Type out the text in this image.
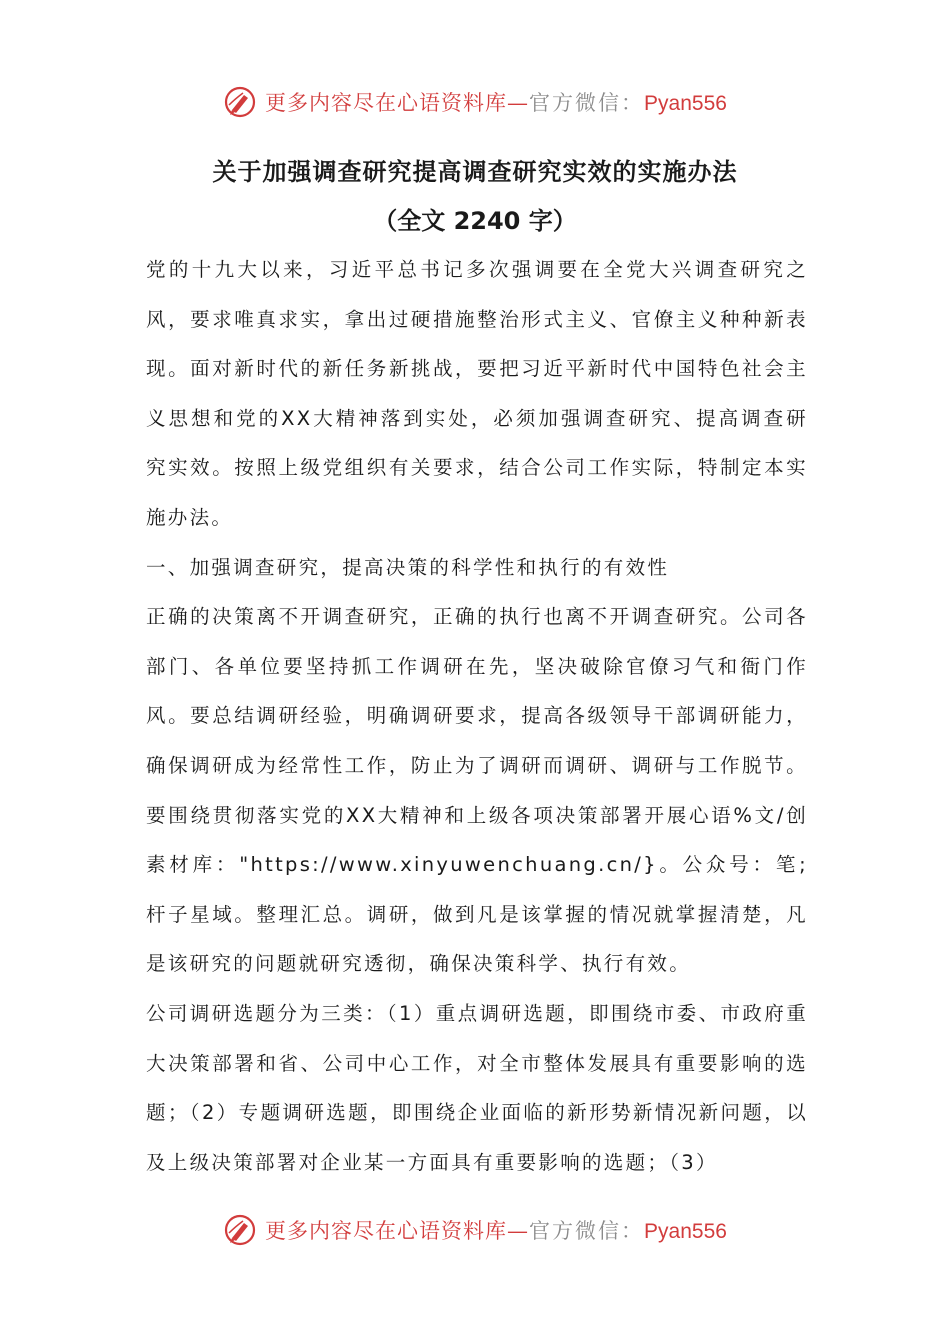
更多内容尽在心语资料库—官方微信：Pyan556
关于加强调查研究提高调查研究实效的实施办法
（全文 2240 字）

党的十九大以来，习近平总书记多次强调要在全党大兴调查研究之风，要求唯真求实，拿出过硬措施整治形式主义、官僚主义种种新表现。面对新时代的新任务新挑战，要把习近平新时代中国特色社会主义思想和党的XX大精神落到实处，必须加强调查研究、提高调查研究实效。按照上级党组织有关要求，结合公司工作实际，特制定本实施办法。

一、加强调查研究，提高决策的科学性和执行的有效性

正确的决策离不开调查研究，正确的执行也离不开调查研究。公司各部门、各单位要坚持抓工作调研在先，坚决破除官僚习气和衙门作风。要总结调研经验，明确调研要求，提高各级领导干部调研能力，确保调研成为经常性工作，防止为了调研而调研、调研与工作脱节。要围绕贯彻落实党的XX大精神和上级各项决策部署开展心语%文/创素材库："https://www.xinyuwenchuang.cn/}。公众号：笔;杆子星域。整理汇总。调研，做到凡是该掌握的情况就掌握清楚，凡是该研究的问题就研究透彻，确保决策科学、执行有效。

公司调研选题分为三类：（1）重点调研选题，即围绕市委、市政府重大决策部署和省、公司中心工作，对全市整体发展具有重要影响的选题；（2）专题调研选题，即围绕企业面临的新形势新情况新问题，以及上级决策部署对企业某一方面具有重要影响的选题；（3）

更多内容尽在心语资料库—官方微信：Pyan556
